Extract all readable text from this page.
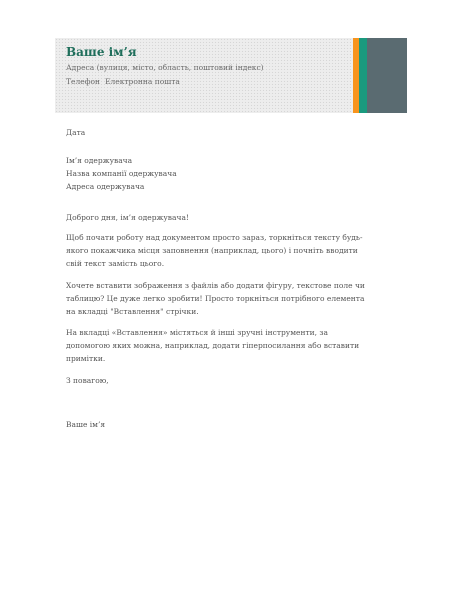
Ваше ім’я
Адреса (вулиця, місто, область, поштовий індекс)
Телефон Електронна пошта
Дата
Ім’я одержувача
Назва компанії одержувача
Адреса одержувача
Доброго дня, ім’я одержувача!
Щоб почати роботу над документом просто зараз, торкніться тексту будь-якого покажчика місця заповнення (наприклад, цього) і почніть вводити свій текст замість цього.
Хочете вставити зображення з файлів або додати фігуру, текстове поле чи таблицю? Це дуже легко зробити! Просто торкніться потрібного елемента на вкладці "Вставлення" стрічки.
На вкладці «Вставлення» містяться й інші зручні інструменти, за допомогою яких можна, наприклад, додати гіперпосилання або вставити примітки.
З повагою,
Ваше ім’я
